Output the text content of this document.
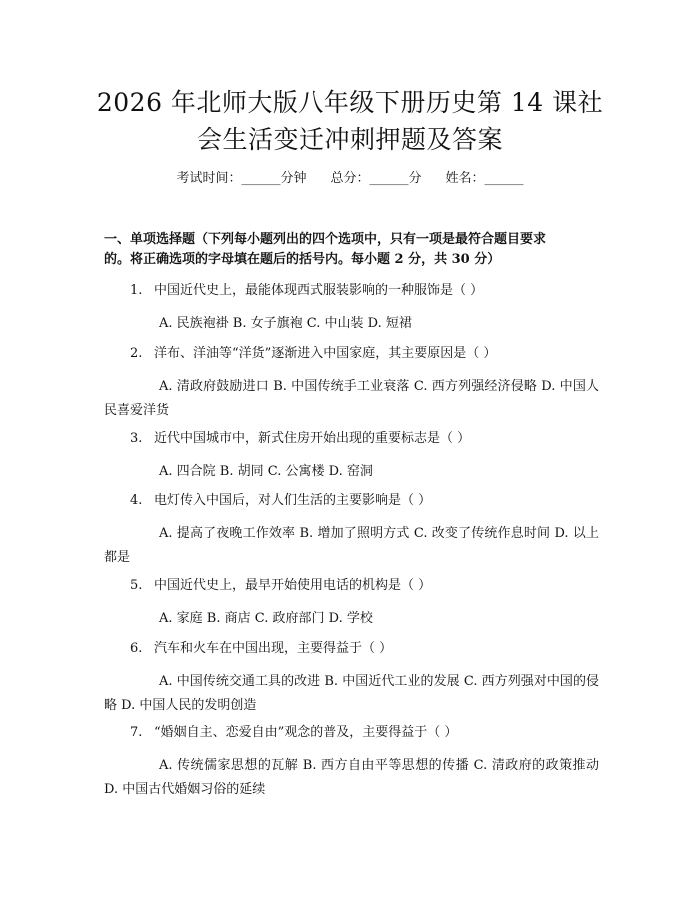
2026 年北师大版八年级下册历史第 14 课社
会生活变迁冲刺押题及答案
考试时间：______分钟 总分：______分 姓名：______
一、单项选择题（下列每小题列出的四个选项中，只有一项是最符合题目要求
的。将正确选项的字母填在题后的括号内。每小题 2 分，共 30 分）
1. 中国近代史上，最能体现西式服装影响的一种服饰是（ ）
A. 民族袍褂 B. 女子旗袍 C. 中山装 D. 短裙
2. 洋布、洋油等“洋货”逐渐进入中国家庭，其主要原因是（ ）
A. 清政府鼓励进口 B. 中国传统手工业衰落 C. 西方列强经济侵略 D. 中国人民喜爱洋货
3. 近代中国城市中，新式住房开始出现的重要标志是（ ）
A. 四合院 B. 胡同 C. 公寓楼 D. 窑洞
4. 电灯传入中国后，对人们生活的主要影响是（ ）
A. 提高了夜晚工作效率 B. 增加了照明方式 C. 改变了传统作息时间 D. 以上都是
5. 中国近代史上，最早开始使用电话的机构是（ ）
A. 家庭 B. 商店 C. 政府部门 D. 学校
6. 汽车和火车在中国出现，主要得益于（ ）
A. 中国传统交通工具的改进 B. 中国近代工业的发展 C. 西方列强对中国的侵略 D. 中国人民的发明创造
7. “婚姻自主、恋爱自由”观念的普及，主要得益于（ ）
A. 传统儒家思想的瓦解 B. 西方自由平等思想的传播 C. 清政府的政策推动 D. 中国古代婚姻习俗的延续
